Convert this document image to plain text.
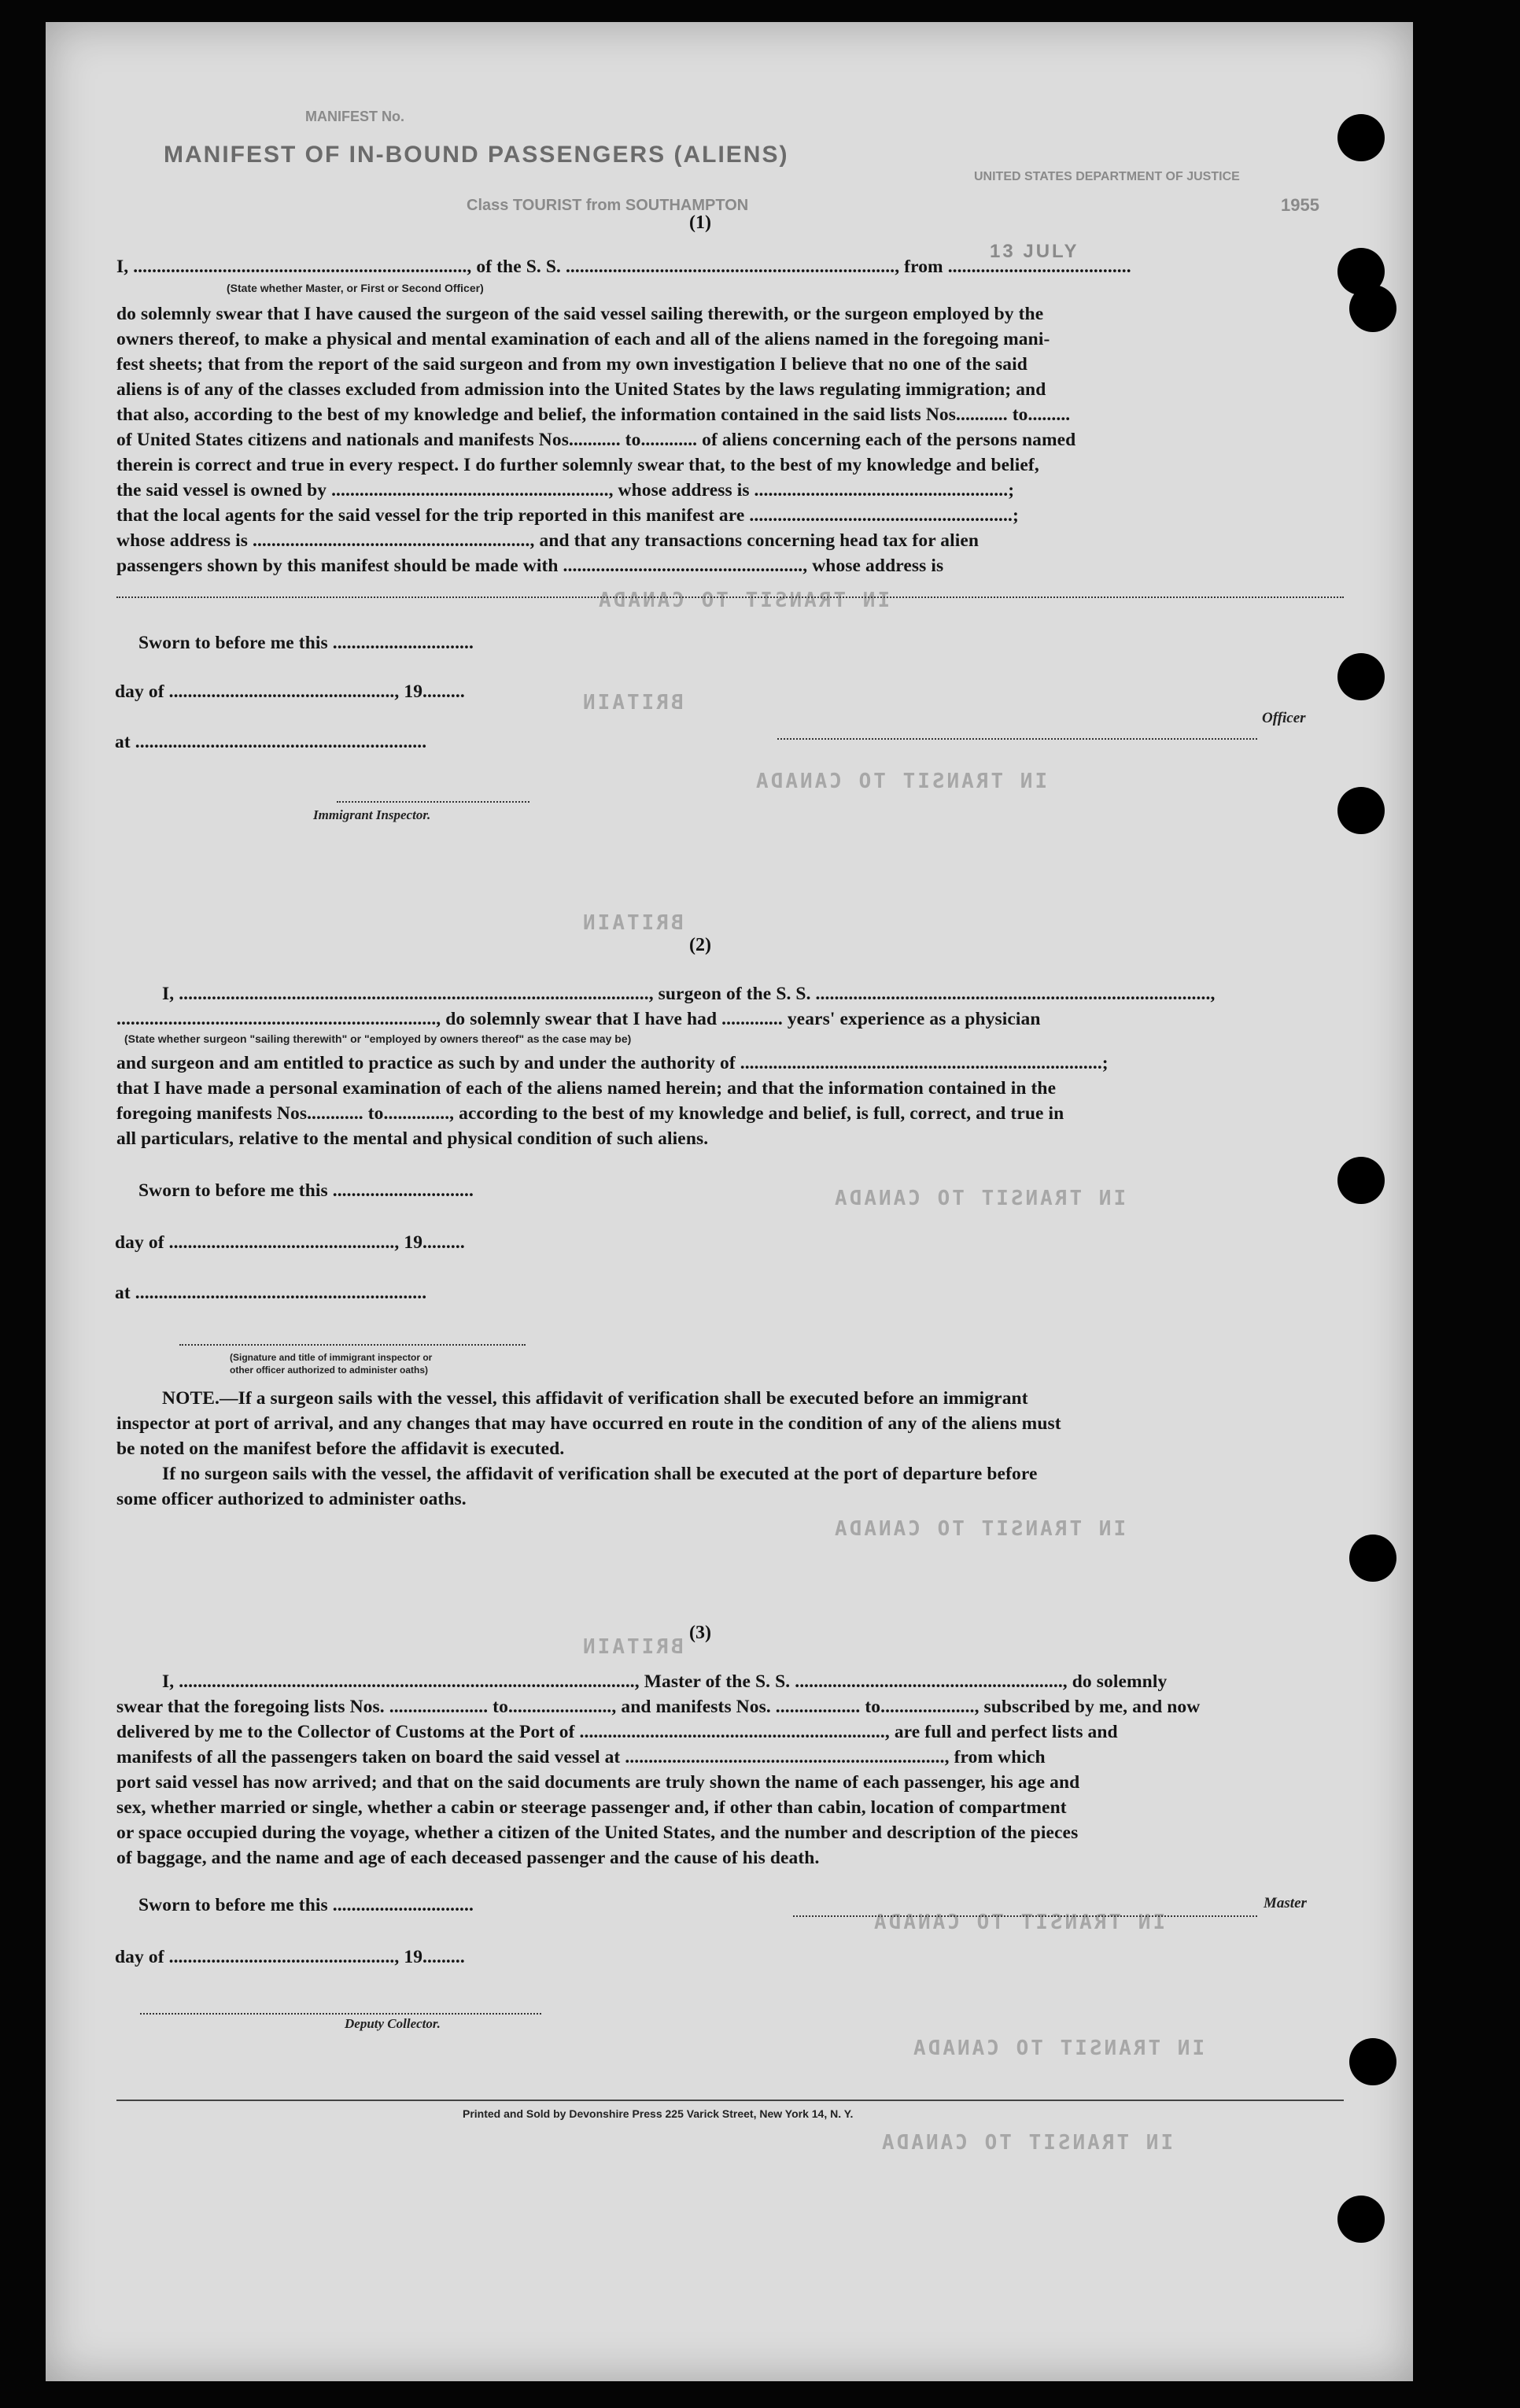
IN TRANSIT TO CANADA
BRITAIN
IN TRANSIT TO CANADA
BRITAIN
IN TRANSIT TO CANADA
IN TRANSIT TO CANADA
BRITAIN
IN TRANSIT TO CANADA
IN TRANSIT TO CANADA
IN TRANSIT TO CANADA
MANIFEST No.
MANIFEST OF IN-BOUND PASSENGERS (ALIENS)
UNITED STATES DEPARTMENT OF JUSTICE
Class TOURIST from SOUTHAMPTON	1955
13 JULY
(1)
I, ......................................................................., of the S. S. ......................................................................, from .......................................
(State whether Master, or First or Second Officer)
do solemnly swear that I have caused the surgeon of the said vessel sailing therewith, or the surgeon employed by the
owners thereof, to make a physical and mental examination of each and all of the aliens named in the foregoing mani-
fest sheets; that from the report of the said surgeon and from my own investigation I believe that no one of the said
aliens is of any of the classes excluded from admission into the United States by the laws regulating immigration; and
that also, according to the best of my knowledge and belief, the information contained in the said lists Nos........... to.........
of United States citizens and nationals and manifests Nos........... to............ of aliens concerning each of the persons named
therein is correct and true in every respect. I do further solemnly swear that, to the best of my knowledge and belief,
the said vessel is owned by ..........................................................., whose address is ......................................................;
that the local agents for the said vessel for the trip reported in this manifest are ........................................................;
whose address is ..........................................................., and that any transactions concerning head tax for alien
passengers shown by this manifest should be made with ..................................................., whose address is
Sworn to before me this ..............................
day of ................................................, 19.........
at ..............................................................
Officer
Immigrant Inspector.
(2)
I, ...................................................................................................., surgeon of the S. S. ....................................................................................,
...................................................................., do solemnly swear that I have had ............. years' experience as a physician
(State whether surgeon "sailing therewith" or "employed by owners thereof" as the case may be)
and surgeon and am entitled to practice as such by and under the authority of .............................................................................;
that I have made a personal examination of each of the aliens named herein; and that the information contained in the
foregoing manifests Nos............ to.............., according to the best of my knowledge and belief, is full, correct, and true in
all particulars, relative to the mental and physical condition of such aliens.
Sworn to before me this ..............................
day of ................................................, 19.........
at ..............................................................
(Signature and title of immigrant inspector or
other officer authorized to administer oaths)
NOTE.—If a surgeon sails with the vessel, this affidavit of verification shall be executed before an immigrant
inspector at port of arrival, and any changes that may have occurred en route in the condition of any of the aliens must
be noted on the manifest before the affidavit is executed.
If no surgeon sails with the vessel, the affidavit of verification shall be executed at the port of departure before
some officer authorized to administer oaths.
(3)
I, ................................................................................................., Master of the S. S. ........................................................., do solemnly
swear that the foregoing lists Nos. ..................... to......................, and manifests Nos. .................. to...................., subscribed by me, and now
delivered by me to the Collector of Customs at the Port of ................................................................., are full and perfect lists and
manifests of all the passengers taken on board the said vessel at ...................................................................., from which
port said vessel has now arrived; and that on the said documents are truly shown the name of each passenger, his age and
sex, whether married or single, whether a cabin or steerage passenger and, if other than cabin, location of compartment
or space occupied during the voyage, whether a citizen of the United States, and the number and description of the pieces
of baggage, and the name and age of each deceased passenger and the cause of his death.
Sworn to before me this ..............................	Master
day of ................................................, 19.........
Deputy Collector.
Printed and Sold by Devonshire Press 225 Varick Street, New York 14, N. Y.
